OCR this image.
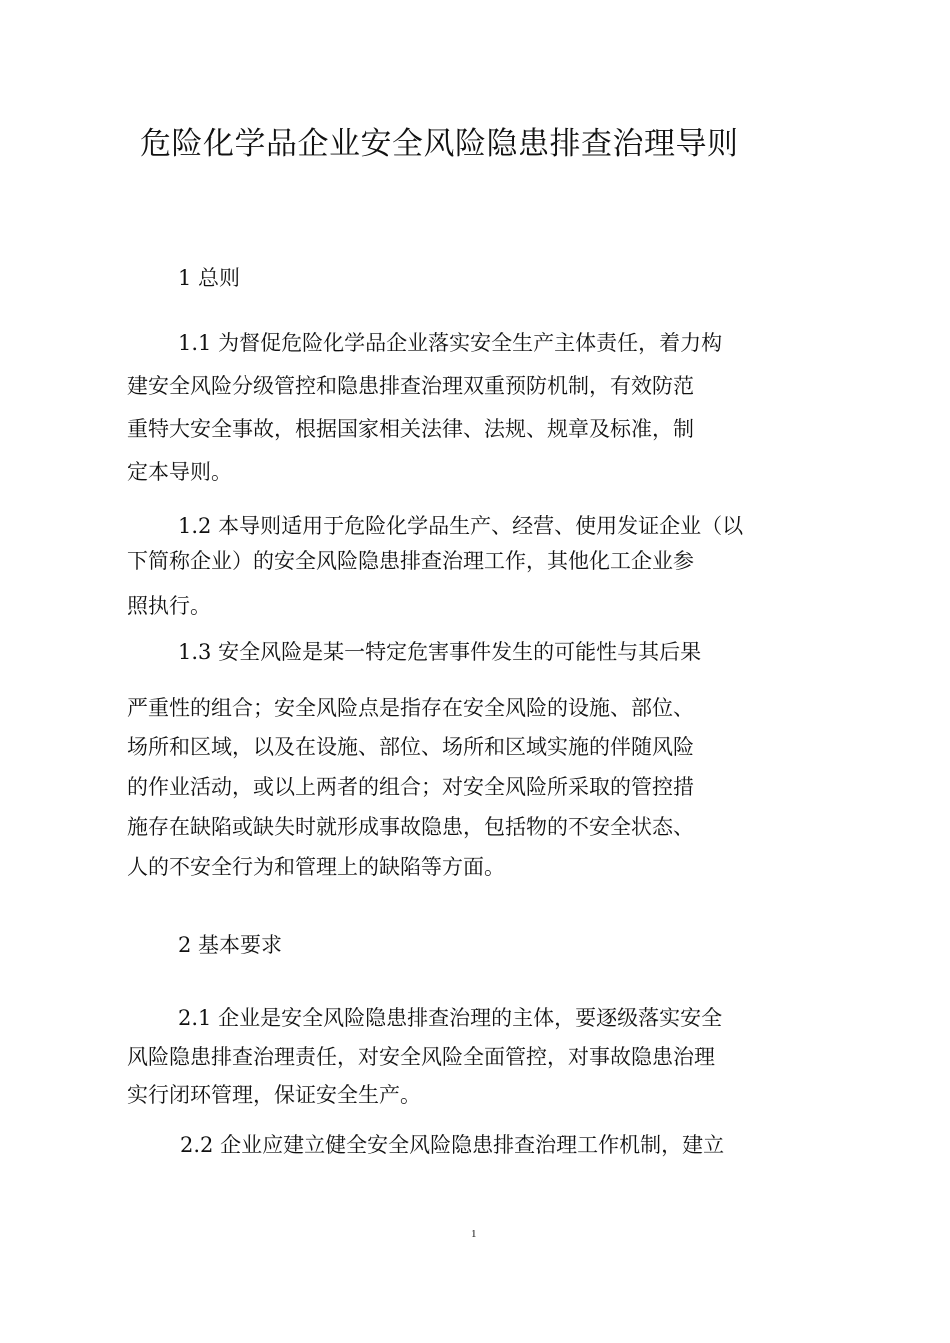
危险化学品企业安全风险隐患排查治理导则
1 总则
1.1 为督促危险化学品企业落实安全生产主体责任，着力构
建安全风险分级管控和隐患排查治理双重预防机制，有效防范
重特大安全事故，根据国家相关法律、法规、规章及标准，制
定本导则。
1.2 本导则适用于危险化学品生产、经营、使用发证企业（以
下简称企业）的安全风险隐患排查治理工作，其他化工企业参
照执行。
1.3 安全风险是某一特定危害事件发生的可能性与其后果
严重性的组合；安全风险点是指存在安全风险的设施、部位、
场所和区域，以及在设施、部位、场所和区域实施的伴随风险
的作业活动，或以上两者的组合；对安全风险所采取的管控措
施存在缺陷或缺失时就形成事故隐患，包括物的不安全状态、
人的不安全行为和管理上的缺陷等方面。
2 基本要求
2.1 企业是安全风险隐患排查治理的主体，要逐级落实安全
风险隐患排查治理责任，对安全风险全面管控，对事故隐患治理
实行闭环管理，保证安全生产。
2.2 企业应建立健全安全风险隐患排查治理工作机制，建立
1
